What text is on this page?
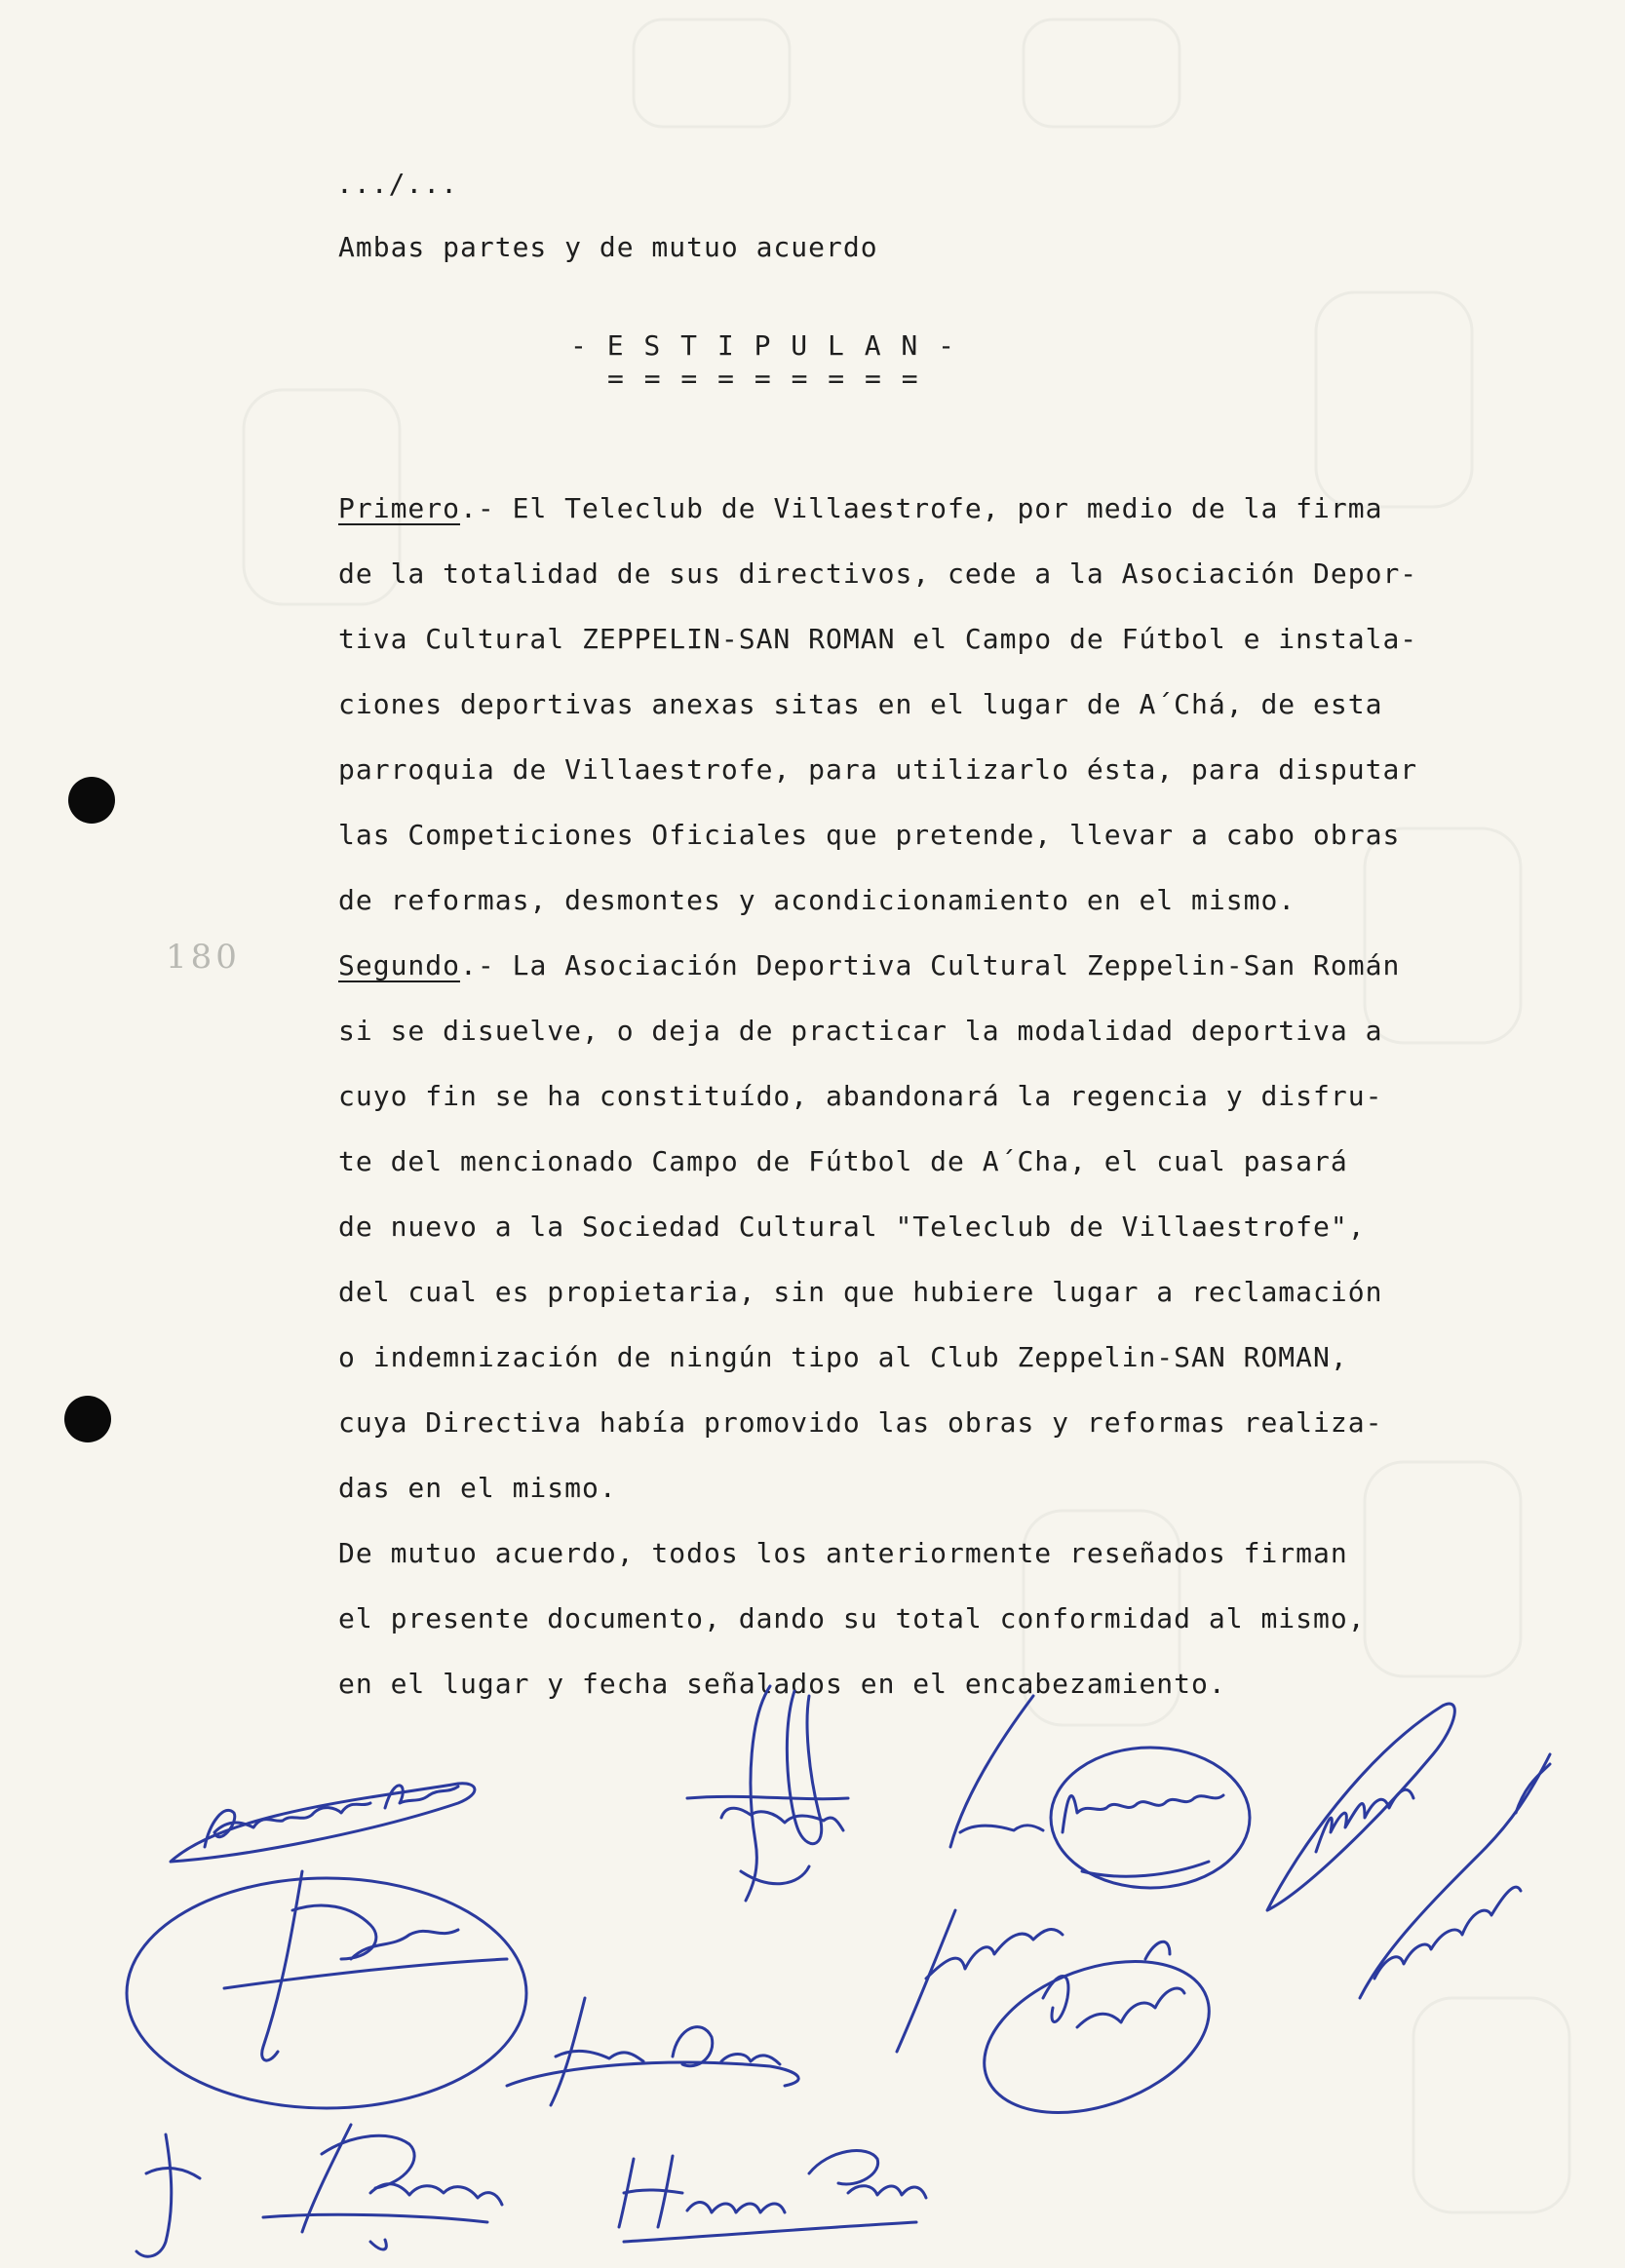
180
.../...
Ambas partes y de mutuo acuerdo
- E S T I P U L A N -
= = = = = = = = =
Primero.- El Teleclub de Villaestrofe, por medio de la firma
de la totalidad de sus directivos, cede a la Asociación Depor-
tiva Cultural ZEPPELIN-SAN ROMAN el Campo de Fútbol e instala-
ciones deportivas anexas sitas en el lugar de A´Chá, de esta
parroquia de Villaestrofe, para utilizarlo ésta, para disputar
las Competiciones Oficiales que pretende, llevar a cabo obras
de reformas, desmontes y acondicionamiento en el mismo.
Segundo.- La Asociación Deportiva Cultural Zeppelin-San Román
si se disuelve, o deja de practicar la modalidad deportiva a
cuyo fin se ha constituído, abandonará la regencia y disfru-
te del mencionado Campo de Fútbol de A´Cha, el cual pasará
de nuevo a la Sociedad Cultural "Teleclub de Villaestrofe",
del cual es propietaria, sin que hubiere lugar a reclamación
o indemnización de ningún tipo al Club Zeppelin-SAN ROMAN,
cuya Directiva había promovido las obras y reformas realiza-
das en el mismo.
De mutuo acuerdo, todos los anteriormente reseñados firman
el presente documento, dando su total conformidad al mismo,
en el lugar y fecha señalados en el encabezamiento.
